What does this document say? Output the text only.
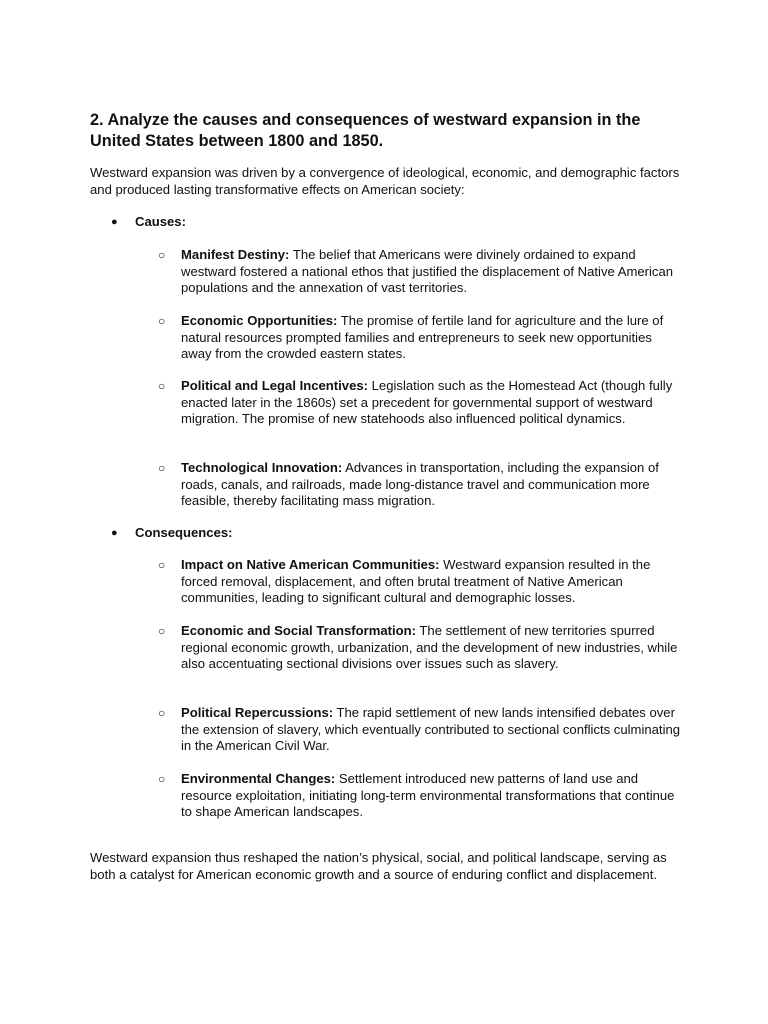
2. Analyze the causes and consequences of westward expansion in the United States between 1800 and 1850.

Westward expansion was driven by a convergence of ideological, economic, and demographic factors and produced lasting transformative effects on American society:

● Causes:
○ Manifest Destiny: The belief that Americans were divinely ordained to expand westward fostered a national ethos that justified the displacement of Native American populations and the annexation of vast territories.

○ Economic Opportunities: The promise of fertile land for agriculture and the lure of natural resources prompted families and entrepreneurs to seek new opportunities away from the crowded eastern states.

○ Political and Legal Incentives: Legislation such as the Homestead Act (though fully enacted later in the 1860s) set a precedent for governmental support of westward migration. The promise of new statehoods also influenced political dynamics.

○ Technological Innovation: Advances in transportation, including the expansion of roads, canals, and railroads, made long-distance travel and communication more feasible, thereby facilitating mass migration.

● Consequences:
○ Impact on Native American Communities: Westward expansion resulted in the forced removal, displacement, and often brutal treatment of Native American communities, leading to significant cultural and demographic losses.

○ Economic and Social Transformation: The settlement of new territories spurred regional economic growth, urbanization, and the development of new industries, while also accentuating sectional divisions over issues such as slavery.

○ Political Repercussions: The rapid settlement of new lands intensified debates over the extension of slavery, which eventually contributed to sectional conflicts culminating in the American Civil War.

○ Environmental Changes: Settlement introduced new patterns of land use and resource exploitation, initiating long-term environmental transformations that continue to shape American landscapes.

Westward expansion thus reshaped the nation’s physical, social, and political landscape, serving as both a catalyst for American economic growth and a source of enduring conflict and displacement.
